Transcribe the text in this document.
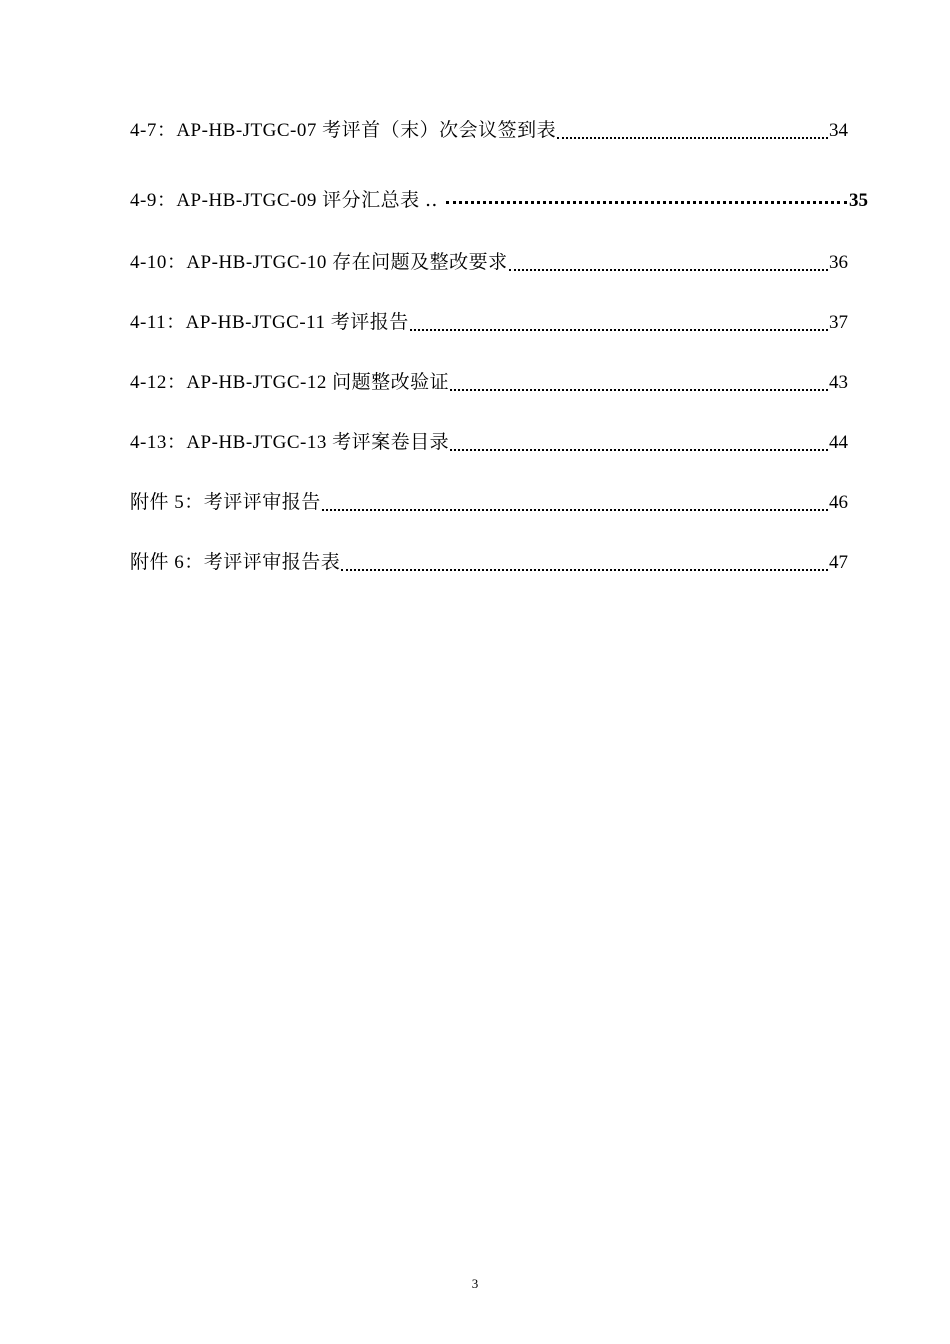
4-7：AP-HB-JTGC-07 考评首（末）次会议签到表	34
4-9：AP-HB-JTGC-09 评分汇总表 ‥	35
4-10：AP-HB-JTGC-10 存在问题及整改要求	36
4-11：AP-HB-JTGC-11 考评报告	37
4-12：AP-HB-JTGC-12 问题整改验证	43
4-13：AP-HB-JTGC-13 考评案卷目录	44
附件 5：考评评审报告	46
附件 6：考评评审报告表	47
3
